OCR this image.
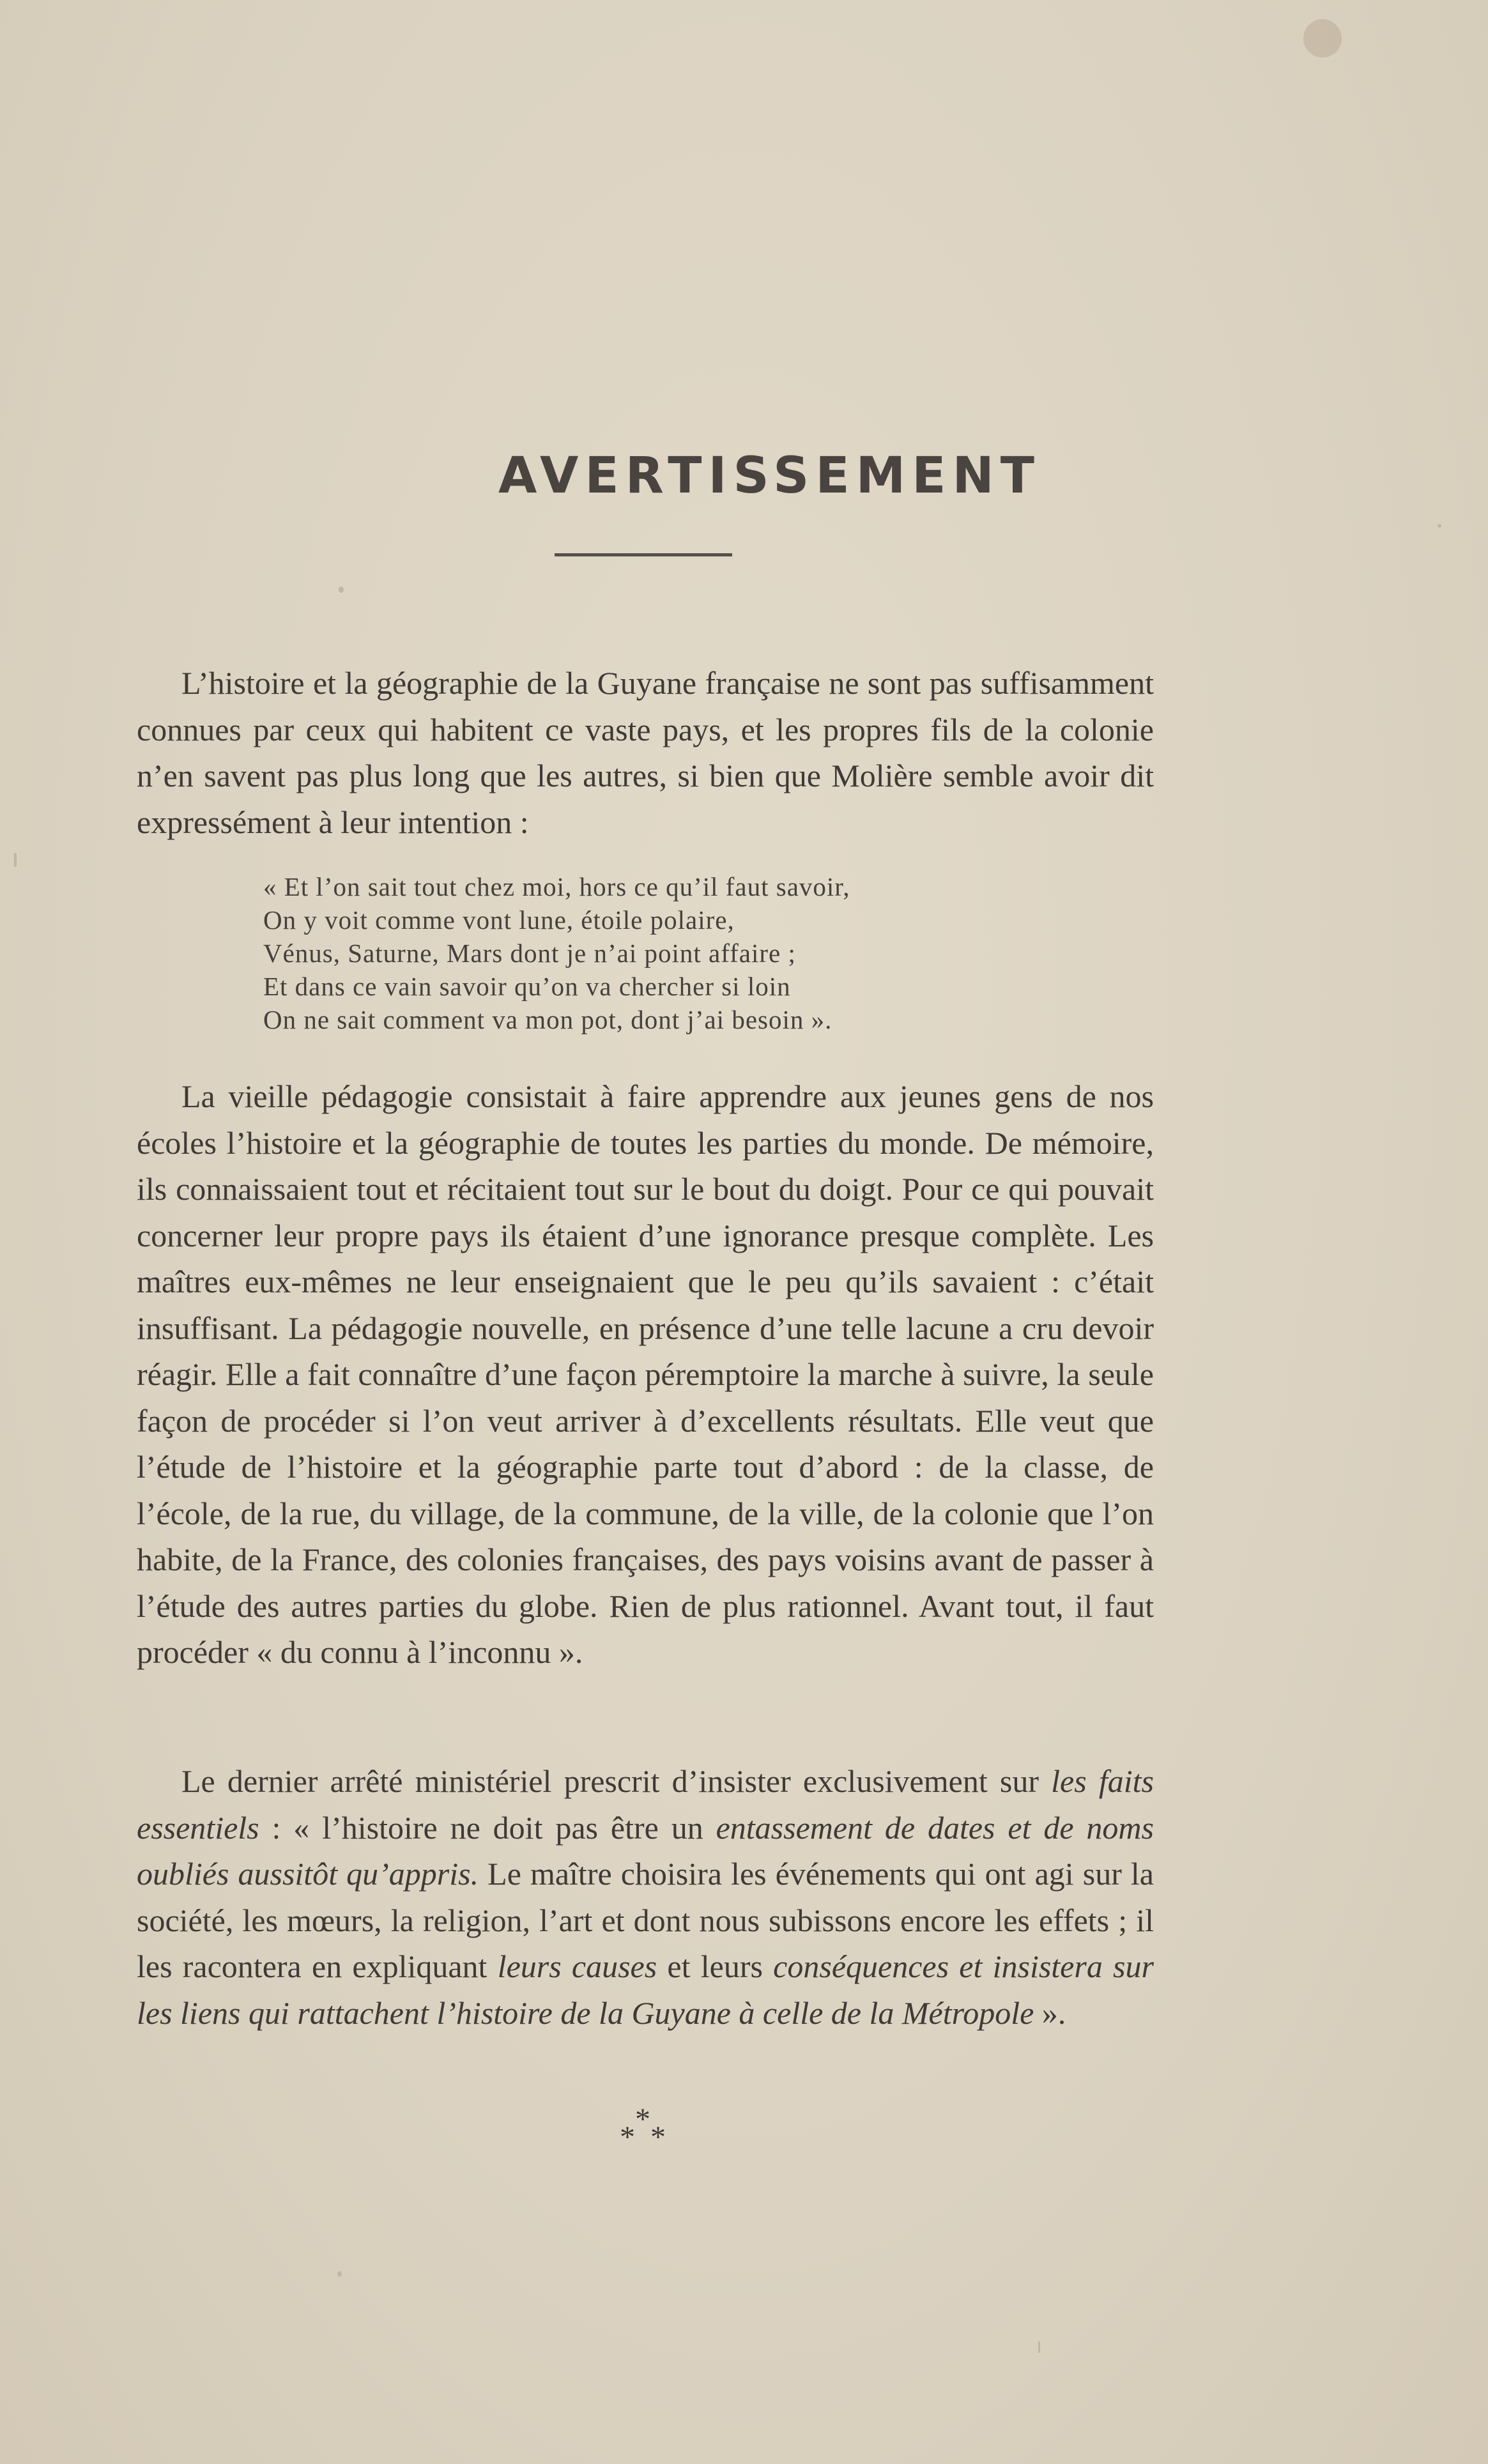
AVERTISSEMENT

L’histoire et la géographie de la Guyane française ne sont pas suffisamment connues par ceux qui habitent ce vaste pays, et les propres fils de la colonie n’en savent pas plus long que les autres, si bien que Molière semble avoir dit expressément à leur intention :

« Et l’on sait tout chez moi, hors ce qu’il faut savoir,
On y voit comme vont lune, étoile polaire,
Vénus, Saturne, Mars dont je n’ai point affaire ;
Et dans ce vain savoir qu’on va chercher si loin
On ne sait comment va mon pot, dont j’ai besoin ».

La vieille pédagogie consistait à faire apprendre aux jeunes gens de nos écoles l’histoire et la géographie de toutes les parties du monde. De mémoire, ils connaissaient tout et récitaient tout sur le bout du doigt. Pour ce qui pouvait concerner leur propre pays ils étaient d’une ignorance presque complète. Les maîtres eux-mêmes ne leur enseignaient que le peu qu’ils savaient : c’était insuffisant. La pédagogie nouvelle, en présence d’une telle lacune a cru devoir réagir. Elle a fait connaître d’une façon péremptoire la marche à suivre, la seule façon de procéder si l’on veut arriver à d’excellents résultats. Elle veut que l’étude de l’histoire et la géographie parte tout d’abord : de la classe, de l’école, de la rue, du village, de la commune, de la ville, de la colonie que l’on habite, de la France, des colonies françaises, des pays voisins avant de passer à l’étude des autres parties du globe. Rien de plus rationnel. Avant tout, il faut procéder « du connu à l’inconnu ».

Le dernier arrêté ministériel prescrit d’insister exclusivement sur les faits essentiels : « l’histoire ne doit pas être un entassement de dates et de noms oubliés aussitôt qu’appris. Le maître choisira les événements qui ont agi sur la société, les mœurs, la religion, l’art et dont nous subissons encore les effets ; il les racontera en expliquant leurs causes et leurs conséquences et insistera sur les liens qui rattachent l’histoire de la Guyane à celle de la Métropole ».

*
* *
